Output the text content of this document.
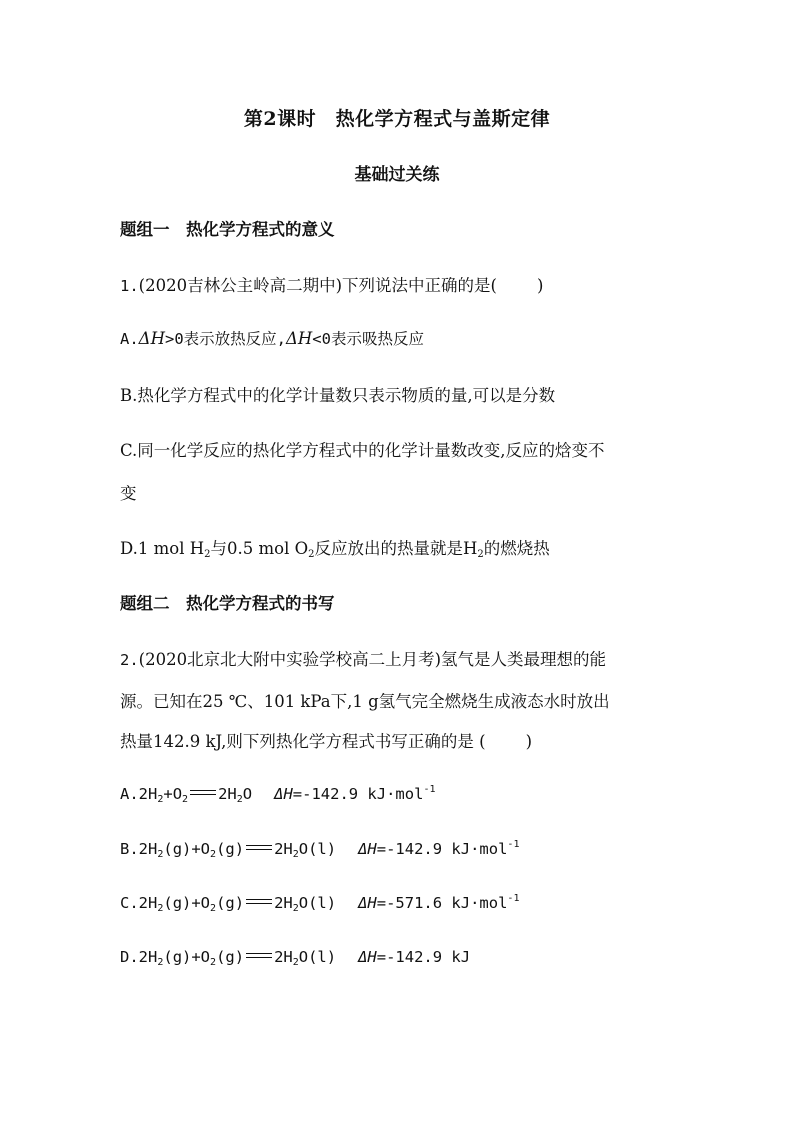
第2课时　热化学方程式与盖斯定律
基础过关练
题组一　热化学方程式的意义
1.(2020吉林公主岭高二期中)下列说法中正确的是( )
A.ΔH>0表示放热反应,ΔH<0表示吸热反应
B.热化学方程式中的化学计量数只表示物质的量,可以是分数
C.同一化学反应的热化学方程式中的化学计量数改变,反应的焓变不
变
D.1 mol $H_2$与0.5 mol $O_2$反应放出的热量就是$H_2$的燃烧热
题组二　热化学方程式的书写
2.(2020北京北大附中实验学校高二上月考)氢气是人类最理想的能
源。已知在25 ℃、101 kPa下,1 g氢气完全燃烧生成液态水时放出
热量142.9 kJ,则下列热化学方程式书写正确的是 ( )
$A.2H_2+O_2$ $2H_2O$ ΔH=-142.9 kJ·mol$^{-1}$
$B.2H_2(g)+O_2(g)$ $2H_2O(l)$ ΔH=-142.9 kJ·mol$^{-1}$
$C.2H_2(g)+O_2(g)$ $2H_2O(l)$ ΔH=-571.6 kJ·mol$^{-1}$
$D.2H_2(g)+O_2(g)$ $2H_2O(l)$ ΔH=-142.9 kJ
